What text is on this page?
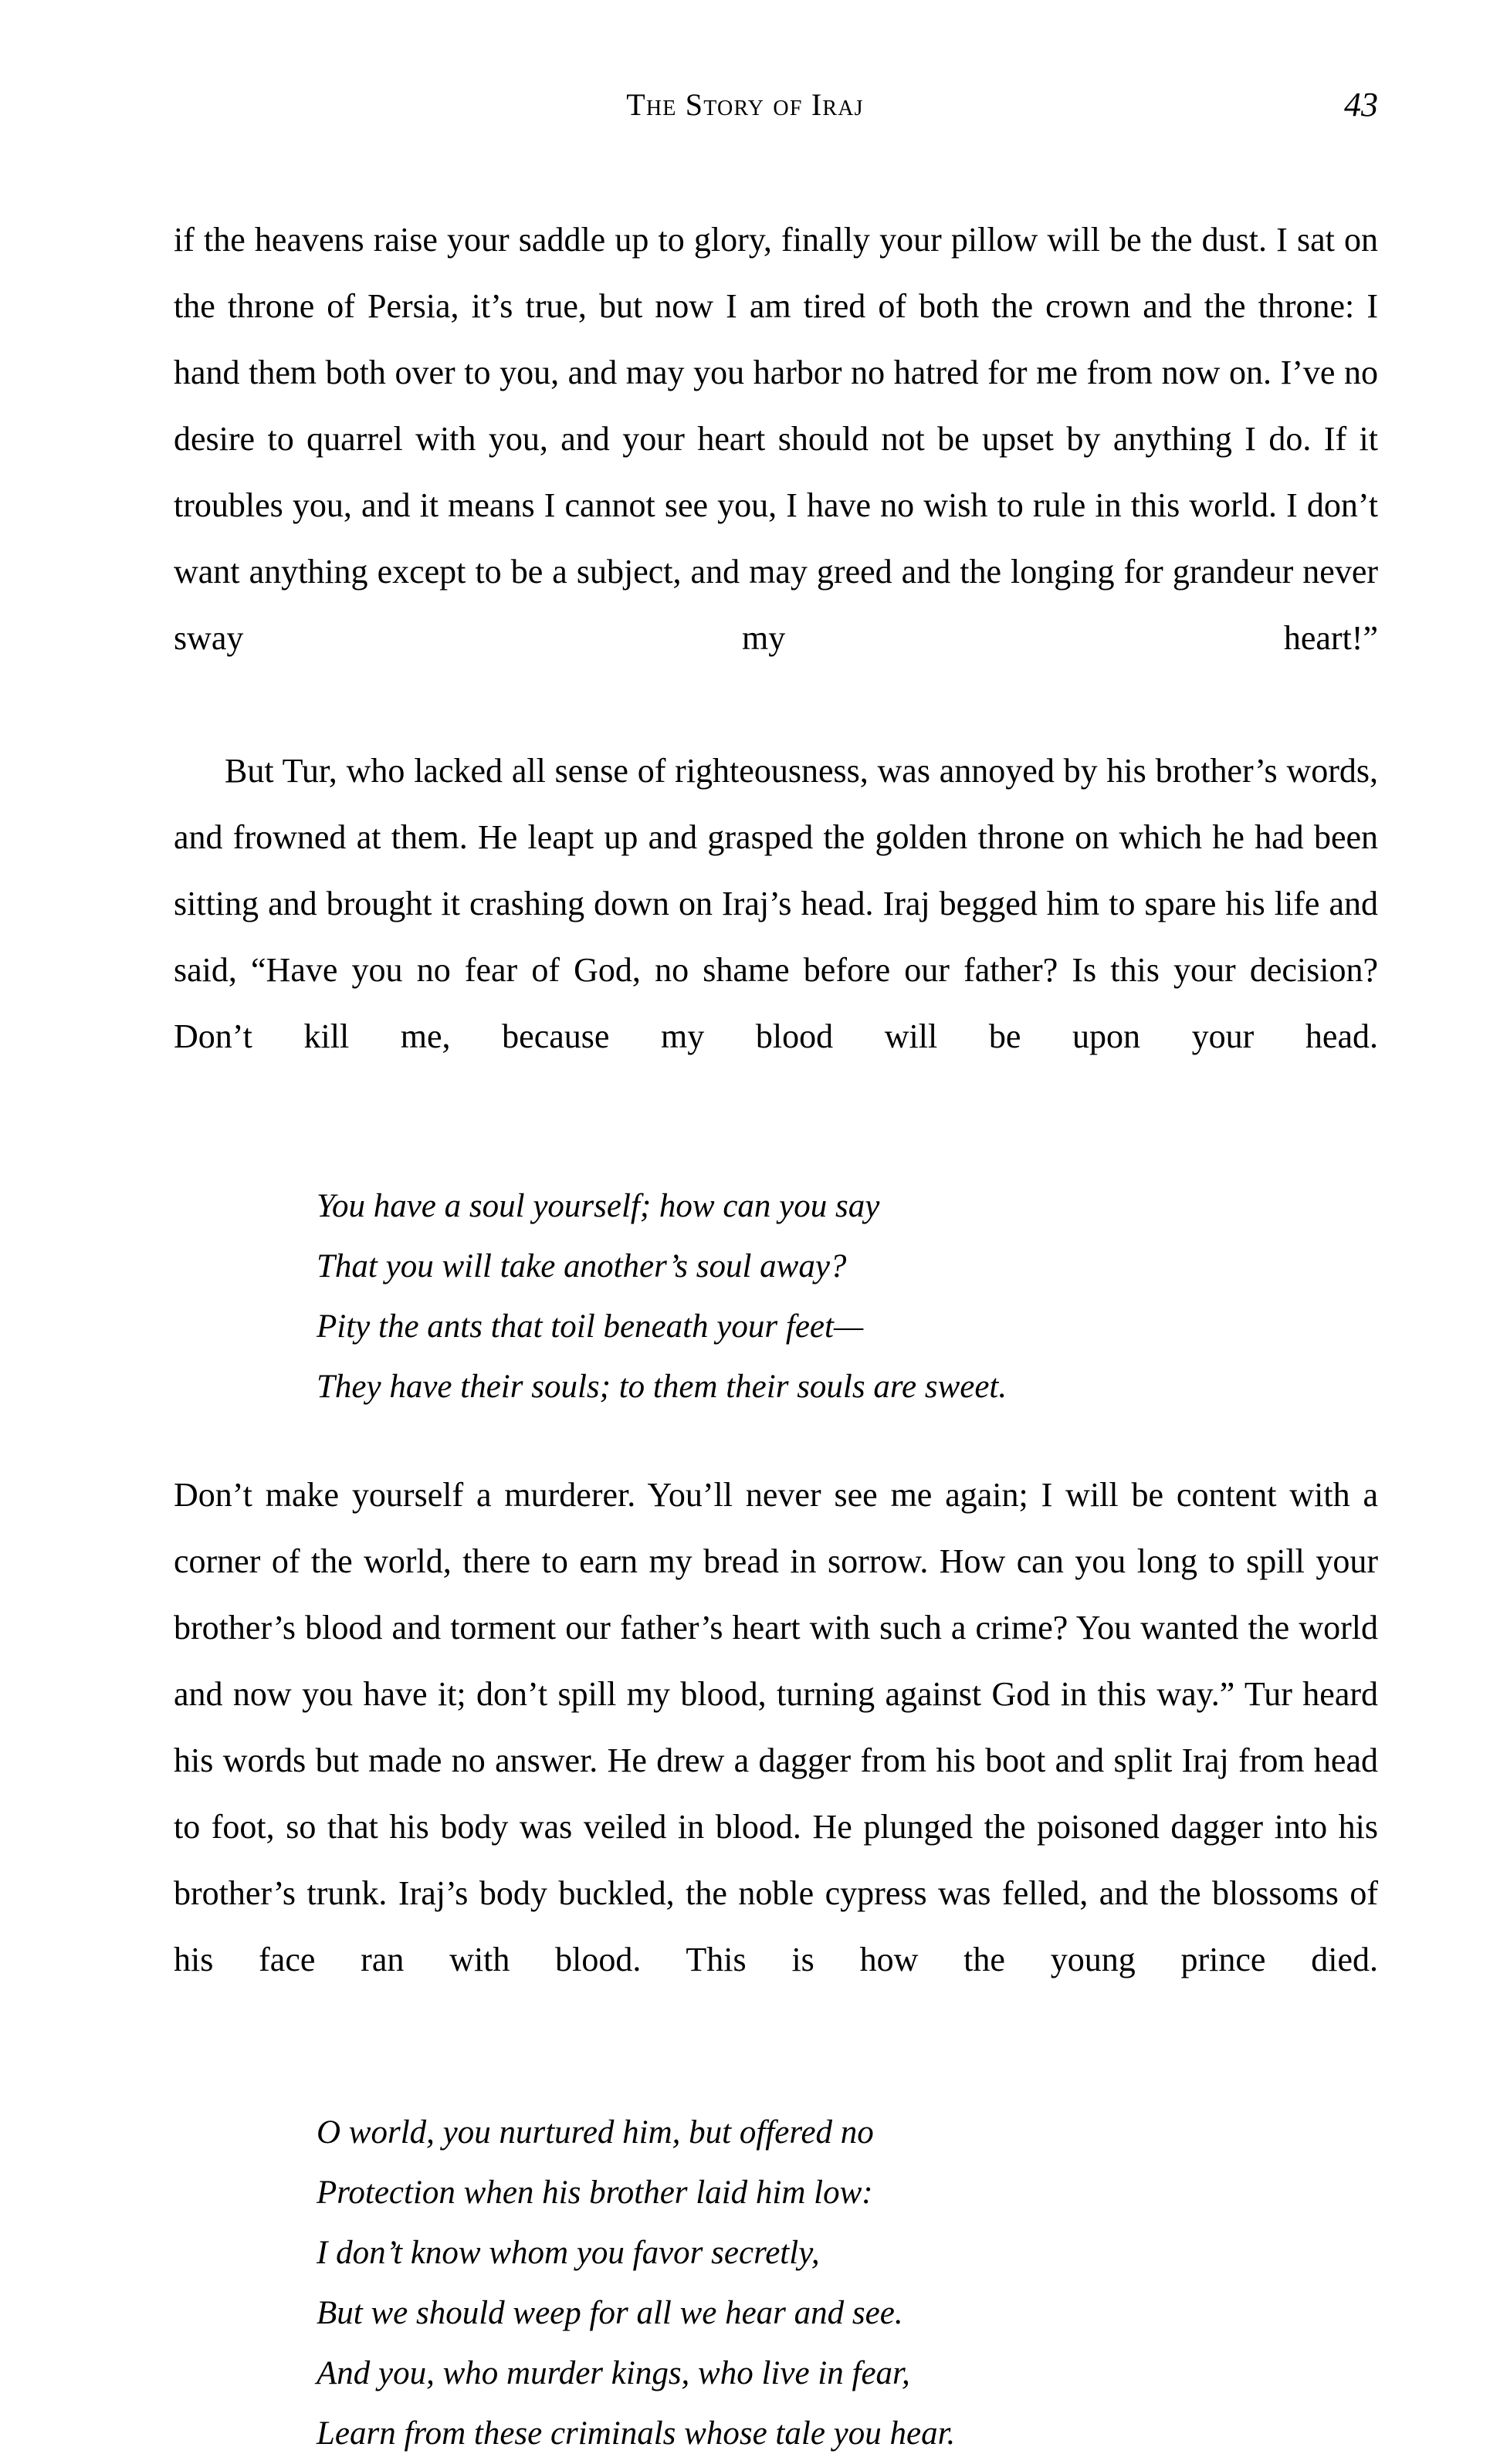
The Story of Iraj	43

if the heavens raise your saddle up to glory, finally your pillow will be the dust. I sat on the throne of Persia, it’s true, but now I am tired of both the crown and the throne: I hand them both over to you, and may you harbor no hatred for me from now on. I’ve no desire to quarrel with you, and your heart should not be upset by anything I do. If it troubles you, and it means I cannot see you, I have no wish to rule in this world. I don’t want anything except to be a subject, and may greed and the longing for grandeur never sway my heart!”

But Tur, who lacked all sense of righteousness, was annoyed by his brother’s words, and frowned at them. He leapt up and grasped the golden throne on which he had been sitting and brought it crashing down on Iraj’s head. Iraj begged him to spare his life and said, “Have you no fear of God, no shame before our father? Is this your decision? Don’t kill me, because my blood will be upon your head.

You have a soul yourself; how can you say
That you will take another’s soul away?
Pity the ants that toil beneath your feet—
They have their souls; to them their souls are sweet.

Don’t make yourself a murderer. You’ll never see me again; I will be content with a corner of the world, there to earn my bread in sorrow. How can you long to spill your brother’s blood and torment our father’s heart with such a crime? You wanted the world and now you have it; don’t spill my blood, turning against God in this way.” Tur heard his words but made no answer. He drew a dagger from his boot and split Iraj from head to foot, so that his body was veiled in blood. He plunged the poisoned dagger into his brother’s trunk. Iraj’s body buckled, the noble cypress was felled, and the blossoms of his face ran with blood. This is how the young prince died.

O world, you nurtured him, but offered no
Protection when his brother laid him low:
I don’t know whom you favor secretly,
But we should weep for all we hear and see.
And you, who murder kings, who live in fear,
Learn from these criminals whose tale you hear.
